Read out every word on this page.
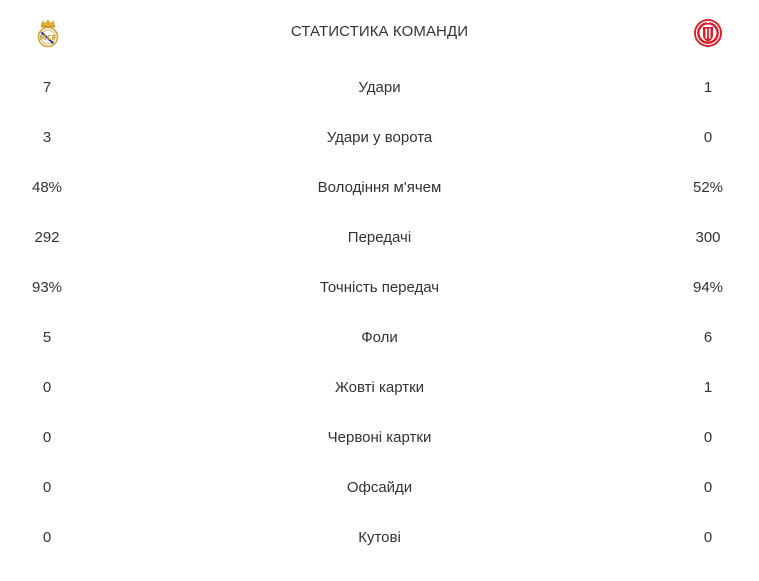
MCF	СТАТИСТИКА КОМАНДИ
7	Удари	1
3	Удари у ворота	0
48%	Володіння м'ячем	52%
292	Передачі	300
93%	Точність передач	94%
5	Фоли	6
0	Жовті картки	1
0	Червоні картки	0
0	Офсайди	0
0	Кутові	0
